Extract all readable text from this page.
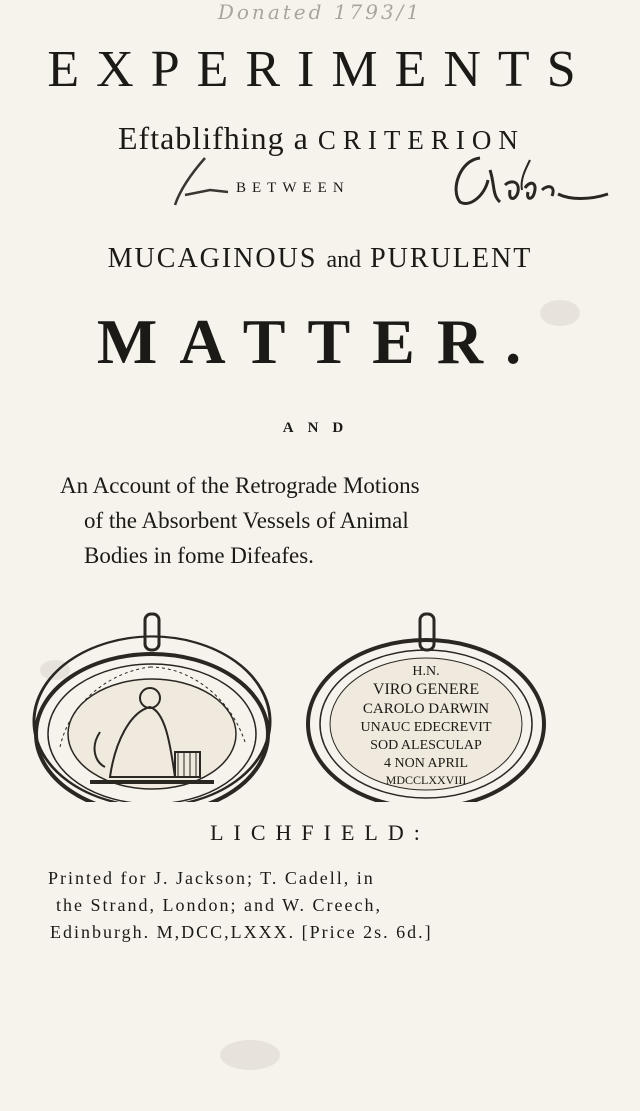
Donated 1793/1
EXPERIMENTS
Eftablifhing a CRITERION
BETWEEN
MUCAGINOUS and PURULENT
MATTER.
AND
An Account of the Retrograde Motions
of the Absorbent Vessels of Animal
Bodies in fome Difeafes.
H.N.
VIRO GENERE
CAROLO DARWIN
UNAUC EDECREVIT
SOD ALESCULAP
4 NON APRIL
MDCCLXXVIII
LICHFIELD:
Printed for J. Jackson; T. Cadell, in
the Strand, London; and W. Creech,
Edinburgh. M,DCC,LXXX. [Price 2s. 6d.]
